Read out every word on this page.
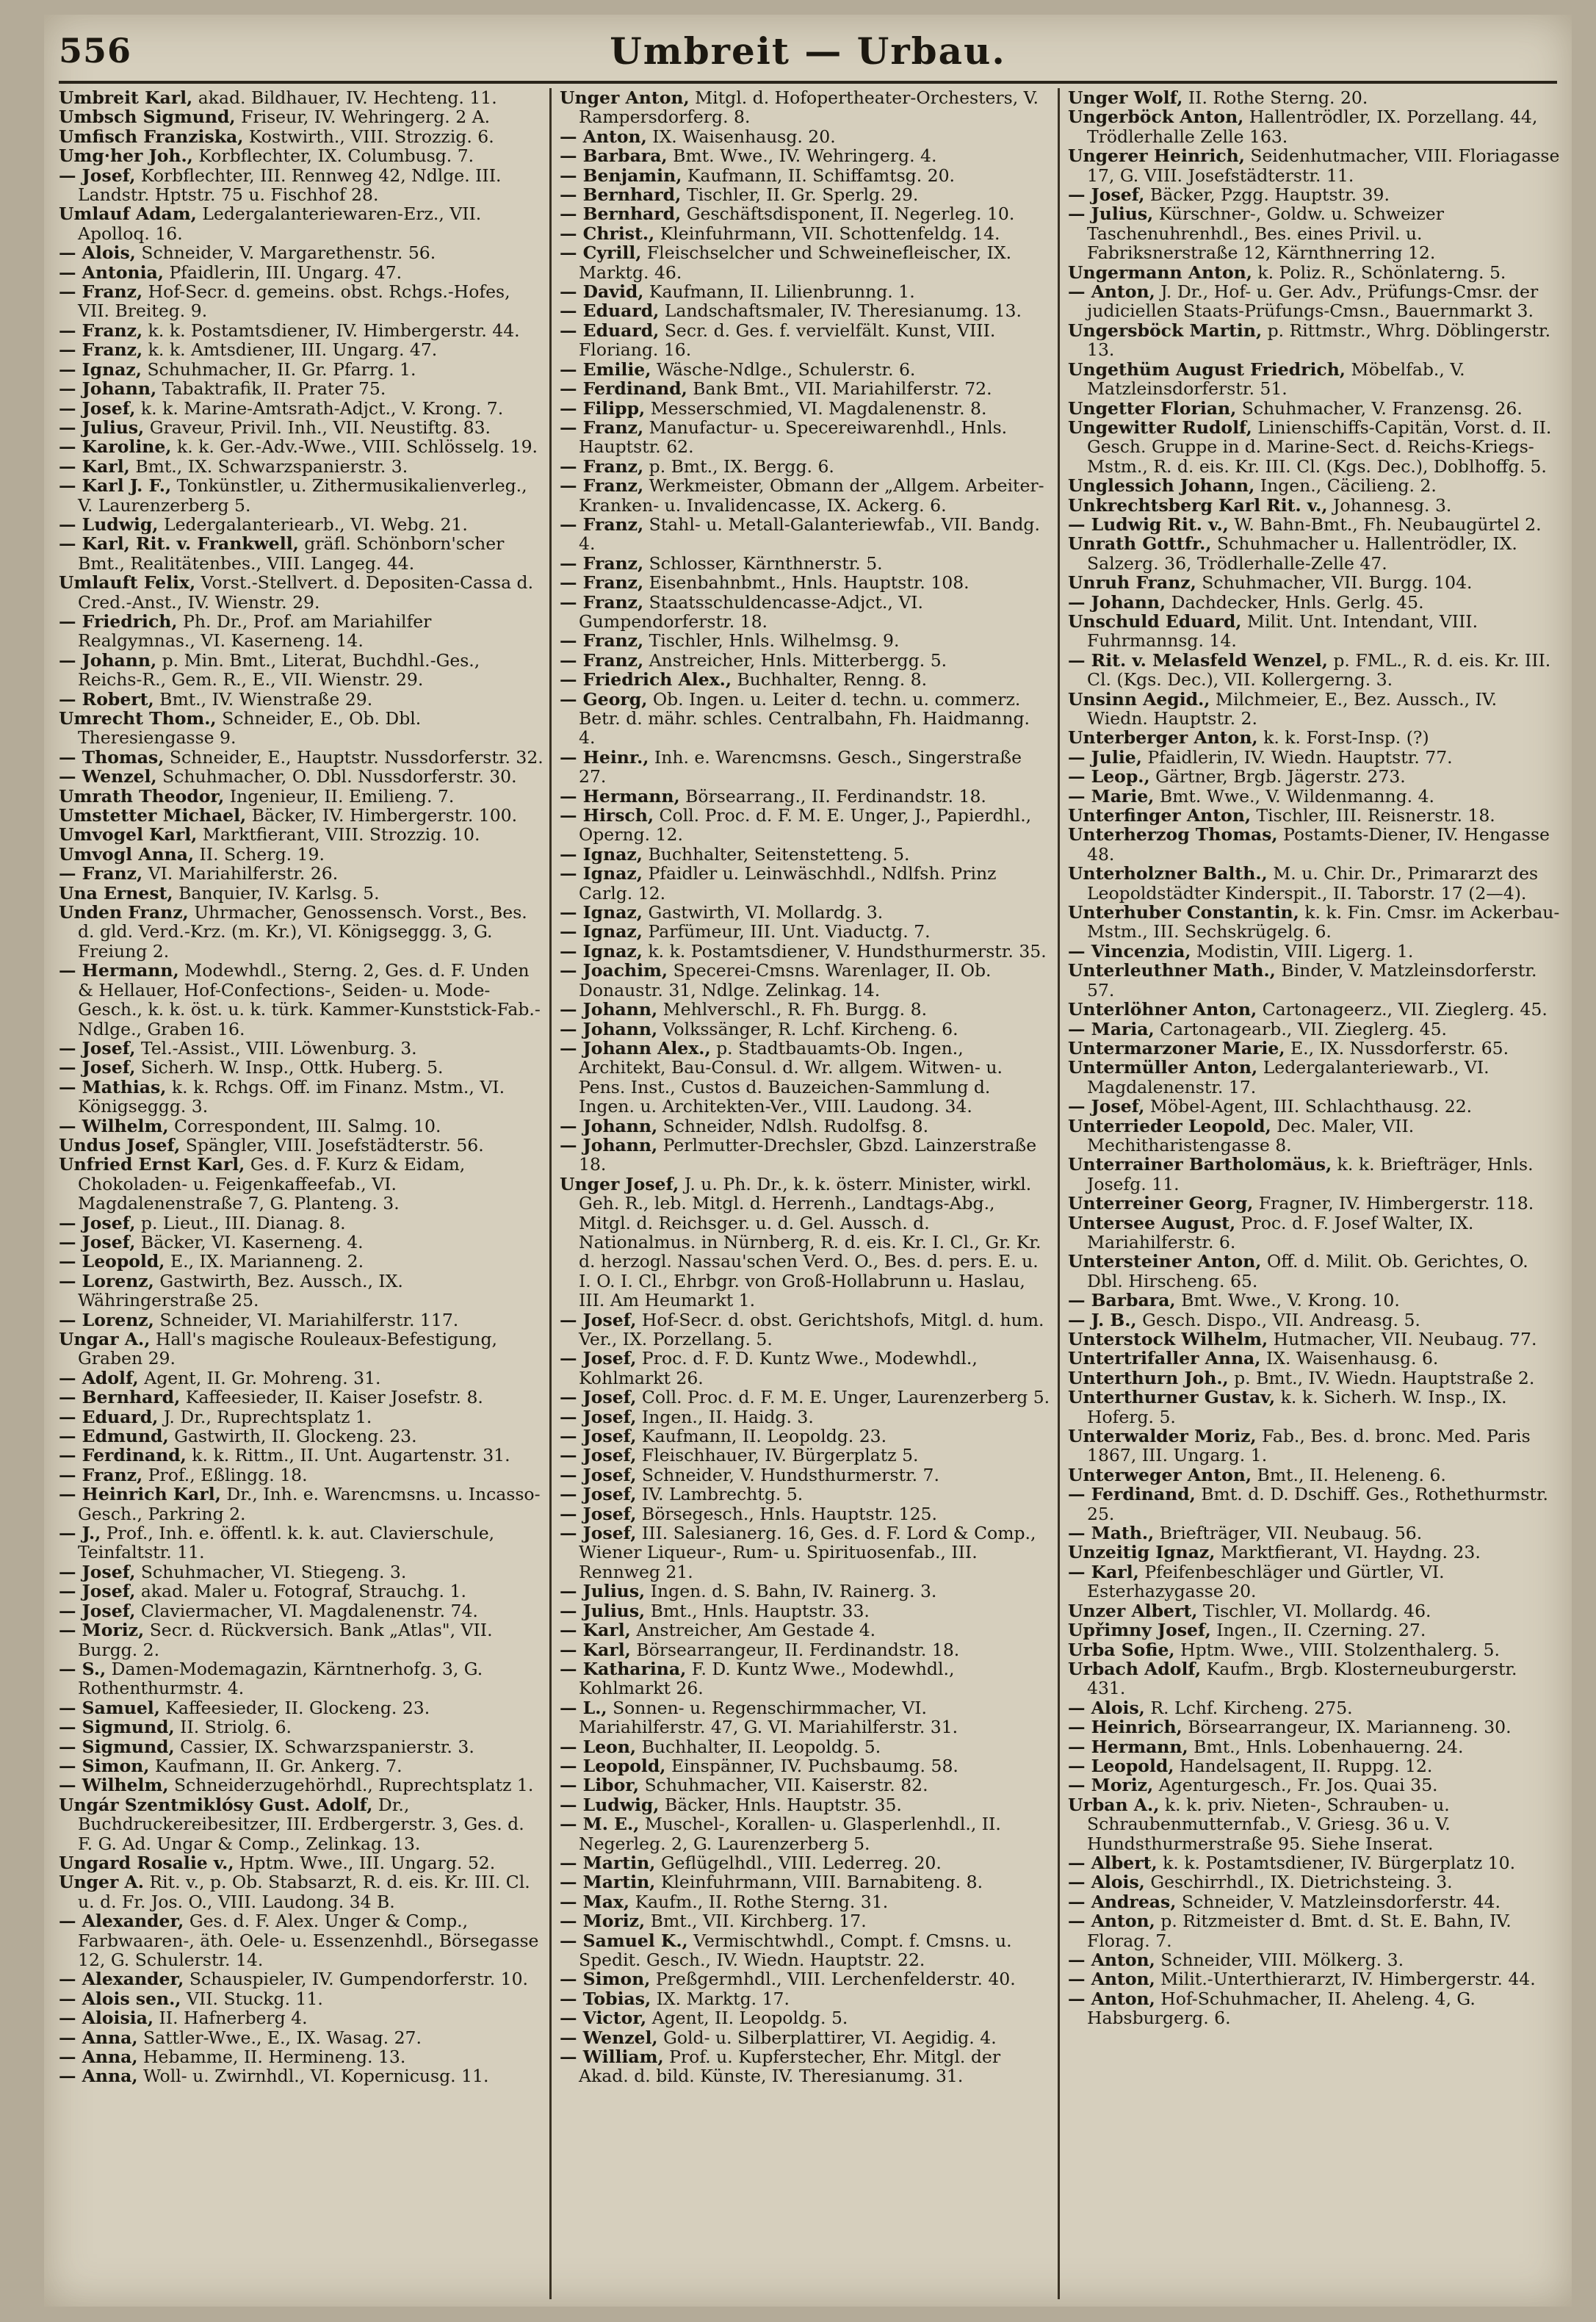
556	Umbreit — Urbau.

Umbreit Karl, akad. Bildhauer, IV. Hechteng. 11.

Umbsch Sigmund, Friseur, IV. Wehringerg. 2 A.

Umfisch Franziska, Kostwirth., VIII. Strozzig. 6.

Umg·her Joh., Korbflechter, IX. Columbusg. 7.

— Josef, Korbflechter, III. Rennweg 42, Ndlge. III. Landstr. Hptstr. 75 u. Fischhof 28.

Umlauf Adam, Ledergalanteriewaren-Erz., VII. Apolloq. 16.

— Alois, Schneider, V. Margarethenstr. 56.

— Antonia, Pfaidlerin, III. Ungarg. 47.

— Franz, Hof-Secr. d. gemeins. obst. Rchgs.-Hofes, VII. Breiteg. 9.

— Franz, k. k. Postamtsdiener, IV. Himbergerstr. 44.

— Franz, k. k. Amtsdiener, III. Ungarg. 47.

— Ignaz, Schuhmacher, II. Gr. Pfarrg. 1.

— Johann, Tabaktrafik, II. Prater 75.

— Josef, k. k. Marine-Amtsrath-Adjct., V. Krong. 7.

— Julius, Graveur, Privil. Inh., VII. Neustiftg. 83.

— Karoline, k. k. Ger.-Adv.-Wwe., VIII. Schlösselg. 19.

— Karl, Bmt., IX. Schwarzspanierstr. 3.

— Karl J. F., Tonkünstler, u. Zithermusikalienverleg., V. Laurenzerberg 5.

— Ludwig, Ledergalanteriearb., VI. Webg. 21.

— Karl, Rit. v. Frankwell, gräfl. Schönborn'scher Bmt., Realitätenbes., VIII. Langeg. 44.

Umlauft Felix, Vorst.-Stellvert. d. Depositen-Cassa d. Cred.-Anst., IV. Wienstr. 29.

— Friedrich, Ph. Dr., Prof. am Mariahilfer Realgymnas., VI. Kaserneng. 14.

— Johann, p. Min. Bmt., Literat, Buchdhl.-Ges., Reichs-R., Gem. R., E., VII. Wienstr. 29.

— Robert, Bmt., IV. Wienstraße 29.

Umrecht Thom., Schneider, E., Ob. Dbl. Theresiengasse 9.

— Thomas, Schneider, E., Hauptstr. Nussdorferstr. 32.

— Wenzel, Schuhmacher, O. Dbl. Nussdorferstr. 30.

Umrath Theodor, Ingenieur, II. Emilieng. 7.

Umstetter Michael, Bäcker, IV. Himbergerstr. 100.

Umvogel Karl, Marktfierant, VIII. Strozzig. 10.

Umvogl Anna, II. Scherg. 19.

— Franz, VI. Mariahilferstr. 26.

Una Ernest, Banquier, IV. Karlsg. 5.

Unden Franz, Uhrmacher, Genossensch. Vorst., Bes. d. gld. Verd.-Krz. (m. Kr.), VI. Königseggg. 3, G. Freiung 2.

— Hermann, Modewhdl., Sterng. 2, Ges. d. F. Unden & Hellauer, Hof-Confections-, Seiden- u. Mode-Gesch., k. k. öst. u. k. türk. Kammer-Kunststick-Fab.-Ndlge., Graben 16.

— Josef, Tel.-Assist., VIII. Löwenburg. 3.

— Josef, Sicherh. W. Insp., Ottk. Huberg. 5.

— Mathias, k. k. Rchgs. Off. im Finanz. Mstm., VI. Königseggg. 3.

— Wilhelm, Correspondent, III. Salmg. 10.

Undus Josef, Spängler, VIII. Josefstädterstr. 56.

Unfried Ernst Karl, Ges. d. F. Kurz & Eidam, Chokoladen- u. Feigenkaffeefab., VI. Magdalenenstraße 7, G. Planteng. 3.

— Josef, p. Lieut., III. Dianag. 8.

— Josef, Bäcker, VI. Kaserneng. 4.

— Leopold, E., IX. Marianneng. 2.

— Lorenz, Gastwirth, Bez. Aussch., IX. Währingerstraße 25.

— Lorenz, Schneider, VI. Mariahilferstr. 117.

Ungar A., Hall's magische Rouleaux-Befestigung, Graben 29.

— Adolf, Agent, II. Gr. Mohreng. 31.

— Bernhard, Kaffeesieder, II. Kaiser Josefstr. 8.

— Eduard, J. Dr., Ruprechtsplatz 1.

— Edmund, Gastwirth, II. Glockeng. 23.

— Ferdinand, k. k. Rittm., II. Unt. Augartenstr. 31.

— Franz, Prof., Eßlingg. 18.

— Heinrich Karl, Dr., Inh. e. Warencmsns. u. Incasso-Gesch., Parkring 2.

— J., Prof., Inh. e. öffentl. k. k. aut. Clavierschule, Teinfaltstr. 11.

— Josef, Schuhmacher, VI. Stiegeng. 3.

— Josef, akad. Maler u. Fotograf, Strauchg. 1.

— Josef, Claviermacher, VI. Magdalenenstr. 74.

— Moriz, Secr. d. Rückversich. Bank „Atlas", VII. Burgg. 2.

— S., Damen-Modemagazin, Kärntnerhofg. 3, G. Rothenthurmstr. 4.

— Samuel, Kaffeesieder, II. Glockeng. 23.

— Sigmund, II. Striolg. 6.

— Sigmund, Cassier, IX. Schwarzspanierstr. 3.

— Simon, Kaufmann, II. Gr. Ankerg. 7.

— Wilhelm, Schneiderzugehörhdl., Ruprechtsplatz 1.

Ungár Szentmiklósy Gust. Adolf, Dr., Buchdruckereibesitzer, III. Erdbergerstr. 3, Ges. d. F. G. Ad. Ungar & Comp., Zelinkag. 13.

Ungard Rosalie v., Hptm. Wwe., III. Ungarg. 52.

Unger A. Rit. v., p. Ob. Stabsarzt, R. d. eis. Kr. III. Cl. u. d. Fr. Jos. O., VIII. Laudong. 34 B.

— Alexander, Ges. d. F. Alex. Unger & Comp., Farbwaaren-, äth. Oele- u. Essenzenhdl., Börsegasse 12, G. Schulerstr. 14.

— Alexander, Schauspieler, IV. Gumpendorferstr. 10.

— Alois sen., VII. Stuckg. 11.

— Aloisia, II. Hafnerberg 4.

— Anna, Sattler-Wwe., E., IX. Wasag. 27.

— Anna, Hebamme, II. Hermineng. 13.

— Anna, Woll- u. Zwirnhdl., VI. Kopernicusg. 11.

Unger Anton, Mitgl. d. Hofopertheater-Orchesters, V. Rampersdorferg. 8.

— Anton, IX. Waisenhausg. 20.

— Barbara, Bmt. Wwe., IV. Wehringerg. 4.

— Benjamin, Kaufmann, II. Schiffamtsg. 20.

— Bernhard, Tischler, II. Gr. Sperlg. 29.

— Bernhard, Geschäftsdisponent, II. Negerleg. 10.

— Christ., Kleinfuhrmann, VII. Schottenfeldg. 14.

— Cyrill, Fleischselcher und Schweinefleischer, IX. Marktg. 46.

— David, Kaufmann, II. Lilienbrunng. 1.

— Eduard, Landschaftsmaler, IV. Theresianumg. 13.

— Eduard, Secr. d. Ges. f. vervielfält. Kunst, VIII. Floriang. 16.

— Emilie, Wäsche-Ndlge., Schulerstr. 6.

— Ferdinand, Bank Bmt., VII. Mariahilferstr. 72.

— Filipp, Messerschmied, VI. Magdalenenstr. 8.

— Franz, Manufactur- u. Specereiwarenhdl., Hnls. Hauptstr. 62.

— Franz, p. Bmt., IX. Bergg. 6.

— Franz, Werkmeister, Obmann der „Allgem. Arbeiter-Kranken- u. Invalidencasse, IX. Ackerg. 6.

— Franz, Stahl- u. Metall-Galanteriewfab., VII. Bandg. 4.

— Franz, Schlosser, Kärnthnerstr. 5.

— Franz, Eisenbahnbmt., Hnls. Hauptstr. 108.

— Franz, Staatsschuldencasse-Adjct., VI. Gumpendorferstr. 18.

— Franz, Tischler, Hnls. Wilhelmsg. 9.

— Franz, Anstreicher, Hnls. Mitterbergg. 5.

— Friedrich Alex., Buchhalter, Renng. 8.

— Georg, Ob. Ingen. u. Leiter d. techn. u. commerz. Betr. d. mähr. schles. Centralbahn, Fh. Haidmanng. 4.

— Heinr., Inh. e. Warencmsns. Gesch., Singerstraße 27.

— Hermann, Börsearrang., II. Ferdinandstr. 18.

— Hirsch, Coll. Proc. d. F. M. E. Unger, J., Papierdhl., Operng. 12.

— Ignaz, Buchhalter, Seitenstetteng. 5.

— Ignaz, Pfaidler u. Leinwäschhdl., Ndlfsh. Prinz Carlg. 12.

— Ignaz, Gastwirth, VI. Mollardg. 3.

— Ignaz, Parfümeur, III. Unt. Viaductg. 7.

— Ignaz, k. k. Postamtsdiener, V. Hundsthurmerstr. 35.

— Joachim, Specerei-Cmsns. Warenlager, II. Ob. Donaustr. 31, Ndlge. Zelinkag. 14.

— Johann, Mehlverschl., R. Fh. Burgg. 8.

— Johann, Volkssänger, R. Lchf. Kircheng. 6.

— Johann Alex., p. Stadtbauamts-Ob. Ingen., Architekt, Bau-Consul. d. Wr. allgem. Witwen- u. Pens. Inst., Custos d. Bauzeichen-Sammlung d. Ingen. u. Architekten-Ver., VIII. Laudong. 34.

— Johann, Schneider, Ndlsh. Rudolfsg. 8.

— Johann, Perlmutter-Drechsler, Gbzd. Lainzerstraße 18.

Unger Josef, J. u. Ph. Dr., k. k. österr. Minister, wirkl. Geh. R., leb. Mitgl. d. Herrenh., Landtags-Abg., Mitgl. d. Reichsger. u. d. Gel. Aussch. d. Nationalmus. in Nürnberg, R. d. eis. Kr. I. Cl., Gr. Kr. d. herzogl. Nassau'schen Verd. O., Bes. d. pers. E. u. I. O. I. Cl., Ehrbgr. von Groß-Hollabrunn u. Haslau, III. Am Heumarkt 1.

— Josef, Hof-Secr. d. obst. Gerichtshofs, Mitgl. d. hum. Ver., IX. Porzellang. 5.

— Josef, Proc. d. F. D. Kuntz Wwe., Modewhdl., Kohlmarkt 26.

— Josef, Coll. Proc. d. F. M. E. Unger, Laurenzerberg 5.

— Josef, Ingen., II. Haidg. 3.

— Josef, Kaufmann, II. Leopoldg. 23.

— Josef, Fleischhauer, IV. Bürgerplatz 5.

— Josef, Schneider, V. Hundsthurmerstr. 7.

— Josef, IV. Lambrechtg. 5.

— Josef, Börsegesch., Hnls. Hauptstr. 125.

— Josef, III. Salesianerg. 16, Ges. d. F. Lord & Comp., Wiener Liqueur-, Rum- u. Spirituosenfab., III. Rennweg 21.

— Julius, Ingen. d. S. Bahn, IV. Rainerg. 3.

— Julius, Bmt., Hnls. Hauptstr. 33.

— Karl, Anstreicher, Am Gestade 4.

— Karl, Börsearrangeur, II. Ferdinandstr. 18.

— Katharina, F. D. Kuntz Wwe., Modewhdl., Kohlmarkt 26.

— L., Sonnen- u. Regenschirmmacher, VI. Mariahilferstr. 47, G. VI. Mariahilferstr. 31.

— Leon, Buchhalter, II. Leopoldg. 5.

— Leopold, Einspänner, IV. Puchsbaumg. 58.

— Libor, Schuhmacher, VII. Kaiserstr. 82.

— Ludwig, Bäcker, Hnls. Hauptstr. 35.

— M. E., Muschel-, Korallen- u. Glasperlenhdl., II. Negerleg. 2, G. Laurenzerberg 5.

— Martin, Geflügelhdl., VIII. Lederreg. 20.

— Martin, Kleinfuhrmann, VIII. Barnabiteng. 8.

— Max, Kaufm., II. Rothe Sterng. 31.

— Moriz, Bmt., VII. Kirchberg. 17.

— Samuel K., Vermischtwhdl., Compt. f. Cmsns. u. Spedit. Gesch., IV. Wiedn. Hauptstr. 22.

— Simon, Preßgermhdl., VIII. Lerchenfelderstr. 40.

— Tobias, IX. Marktg. 17.

— Victor, Agent, II. Leopoldg. 5.

— Wenzel, Gold- u. Silberplattirer, VI. Aegidig. 4.

— William, Prof. u. Kupferstecher, Ehr. Mitgl. der Akad. d. bild. Künste, IV. Theresianumg. 31.

Unger Wolf, II. Rothe Sterng. 20.

Ungerböck Anton, Hallentrödler, IX. Porzellang. 44, Trödlerhalle Zelle 163.

Ungerer Heinrich, Seidenhutmacher, VIII. Floriagasse 17, G. VIII. Josefstädterstr. 11.

— Josef, Bäcker, Pzgg. Hauptstr. 39.

— Julius, Kürschner-, Goldw. u. Schweizer Taschenuhrenhdl., Bes. eines Privil. u. Fabriksnerstraße 12, Kärnthnerring 12.

Ungermann Anton, k. Poliz. R., Schönlaterng. 5.

— Anton, J. Dr., Hof- u. Ger. Adv., Prüfungs-Cmsr. der judiciellen Staats-Prüfungs-Cmsn., Bauernmarkt 3.

Ungersböck Martin, p. Rittmstr., Whrg. Döblingerstr. 13.

Ungethüm August Friedrich, Möbelfab., V. Matzleinsdorferstr. 51.

Ungetter Florian, Schuhmacher, V. Franzensg. 26.

Ungewitter Rudolf, Linienschiffs-Capitän, Vorst. d. II. Gesch. Gruppe in d. Marine-Sect. d. Reichs-Kriegs-Mstm., R. d. eis. Kr. III. Cl. (Kgs. Dec.), Doblhoffg. 5.

Unglessich Johann, Ingen., Cäcilieng. 2.

Unkrechtsberg Karl Rit. v., Johannesg. 3.

— Ludwig Rit. v., W. Bahn-Bmt., Fh. Neubaugürtel 2.

Unrath Gottfr., Schuhmacher u. Hallentrödler, IX. Salzerg. 36, Trödlerhalle-Zelle 47.

Unruh Franz, Schuhmacher, VII. Burgg. 104.

— Johann, Dachdecker, Hnls. Gerlg. 45.

Unschuld Eduard, Milit. Unt. Intendant, VIII. Fuhrmannsg. 14.

— Rit. v. Melasfeld Wenzel, p. FML., R. d. eis. Kr. III. Cl. (Kgs. Dec.), VII. Kollergerng. 3.

Unsinn Aegid., Milchmeier, E., Bez. Aussch., IV. Wiedn. Hauptstr. 2.

Unterberger Anton, k. k. Forst-Insp. (?)

— Julie, Pfaidlerin, IV. Wiedn. Hauptstr. 77.

— Leop., Gärtner, Brgb. Jägerstr. 273.

— Marie, Bmt. Wwe., V. Wildenmanng. 4.

Unterfinger Anton, Tischler, III. Reisnerstr. 18.

Unterherzog Thomas, Postamts-Diener, IV. Hengasse 48.

Unterholzner Balth., M. u. Chir. Dr., Primararzt des Leopoldstädter Kinderspit., II. Taborstr. 17 (2—4).

Unterhuber Constantin, k. k. Fin. Cmsr. im Ackerbau-Mstm., III. Sechskrügelg. 6.

— Vincenzia, Modistin, VIII. Ligerg. 1.

Unterleuthner Math., Binder, V. Matzleinsdorferstr. 57.

Unterlöhner Anton, Cartonageerz., VII. Zieglerg. 45.

— Maria, Cartonagearb., VII. Zieglerg. 45.

Untermarzoner Marie, E., IX. Nussdorferstr. 65.

Untermüller Anton, Ledergalanteriewarb., VI. Magdalenenstr. 17.

— Josef, Möbel-Agent, III. Schlachthausg. 22.

Unterrieder Leopold, Dec. Maler, VII. Mechitharistengasse 8.

Unterrainer Bartholomäus, k. k. Briefträger, Hnls. Josefg. 11.

Unterreiner Georg, Fragner, IV. Himbergerstr. 118.

Untersee August, Proc. d. F. Josef Walter, IX. Mariahilferstr. 6.

Untersteiner Anton, Off. d. Milit. Ob. Gerichtes, O. Dbl. Hirscheng. 65.

— Barbara, Bmt. Wwe., V. Krong. 10.

— J. B., Gesch. Dispo., VII. Andreasg. 5.

Unterstock Wilhelm, Hutmacher, VII. Neubaug. 77.

Untertrifaller Anna, IX. Waisenhausg. 6.

Unterthurn Joh., p. Bmt., IV. Wiedn. Hauptstraße 2.

Unterthurner Gustav, k. k. Sicherh. W. Insp., IX. Hoferg. 5.

Unterwalder Moriz, Fab., Bes. d. bronc. Med. Paris 1867, III. Ungarg. 1.

Unterweger Anton, Bmt., II. Heleneng. 6.

— Ferdinand, Bmt. d. D. Dschiff. Ges., Rothethurmstr. 25.

— Math., Briefträger, VII. Neubaug. 56.

Unzeitig Ignaz, Marktfierant, VI. Haydng. 23.

— Karl, Pfeifenbeschläger und Gürtler, VI. Esterhazygasse 20.

Unzer Albert, Tischler, VI. Mollardg. 46.

Upřimny Josef, Ingen., II. Czerning. 27.

Urba Sofie, Hptm. Wwe., VIII. Stolzenthalerg. 5.

Urbach Adolf, Kaufm., Brgb. Klosterneuburgerstr. 431.

— Alois, R. Lchf. Kircheng. 275.

— Heinrich, Börsearrangeur, IX. Marianneng. 30.

— Hermann, Bmt., Hnls. Lobenhauerng. 24.

— Leopold, Handelsagent, II. Ruppg. 12.

— Moriz, Agenturgesch., Fr. Jos. Quai 35.

Urban A., k. k. priv. Nieten-, Schrauben- u. Schraubenmutternfab., V. Griesg. 36 u. V. Hundsthurmerstraße 95. Siehe Inserat.

— Albert, k. k. Postamtsdiener, IV. Bürgerplatz 10.

— Alois, Geschirrhdl., IX. Dietrichsteing. 3.

— Andreas, Schneider, V. Matzleinsdorferstr. 44.

— Anton, p. Ritzmeister d. Bmt. d. St. E. Bahn, IV. Florag. 7.

— Anton, Schneider, VIII. Mölkerg. 3.

— Anton, Milit.-Unterthierarzt, IV. Himbergerstr. 44.

— Anton, Hof-Schuhmacher, II. Aheleng. 4, G. Habsburgerg. 6.
